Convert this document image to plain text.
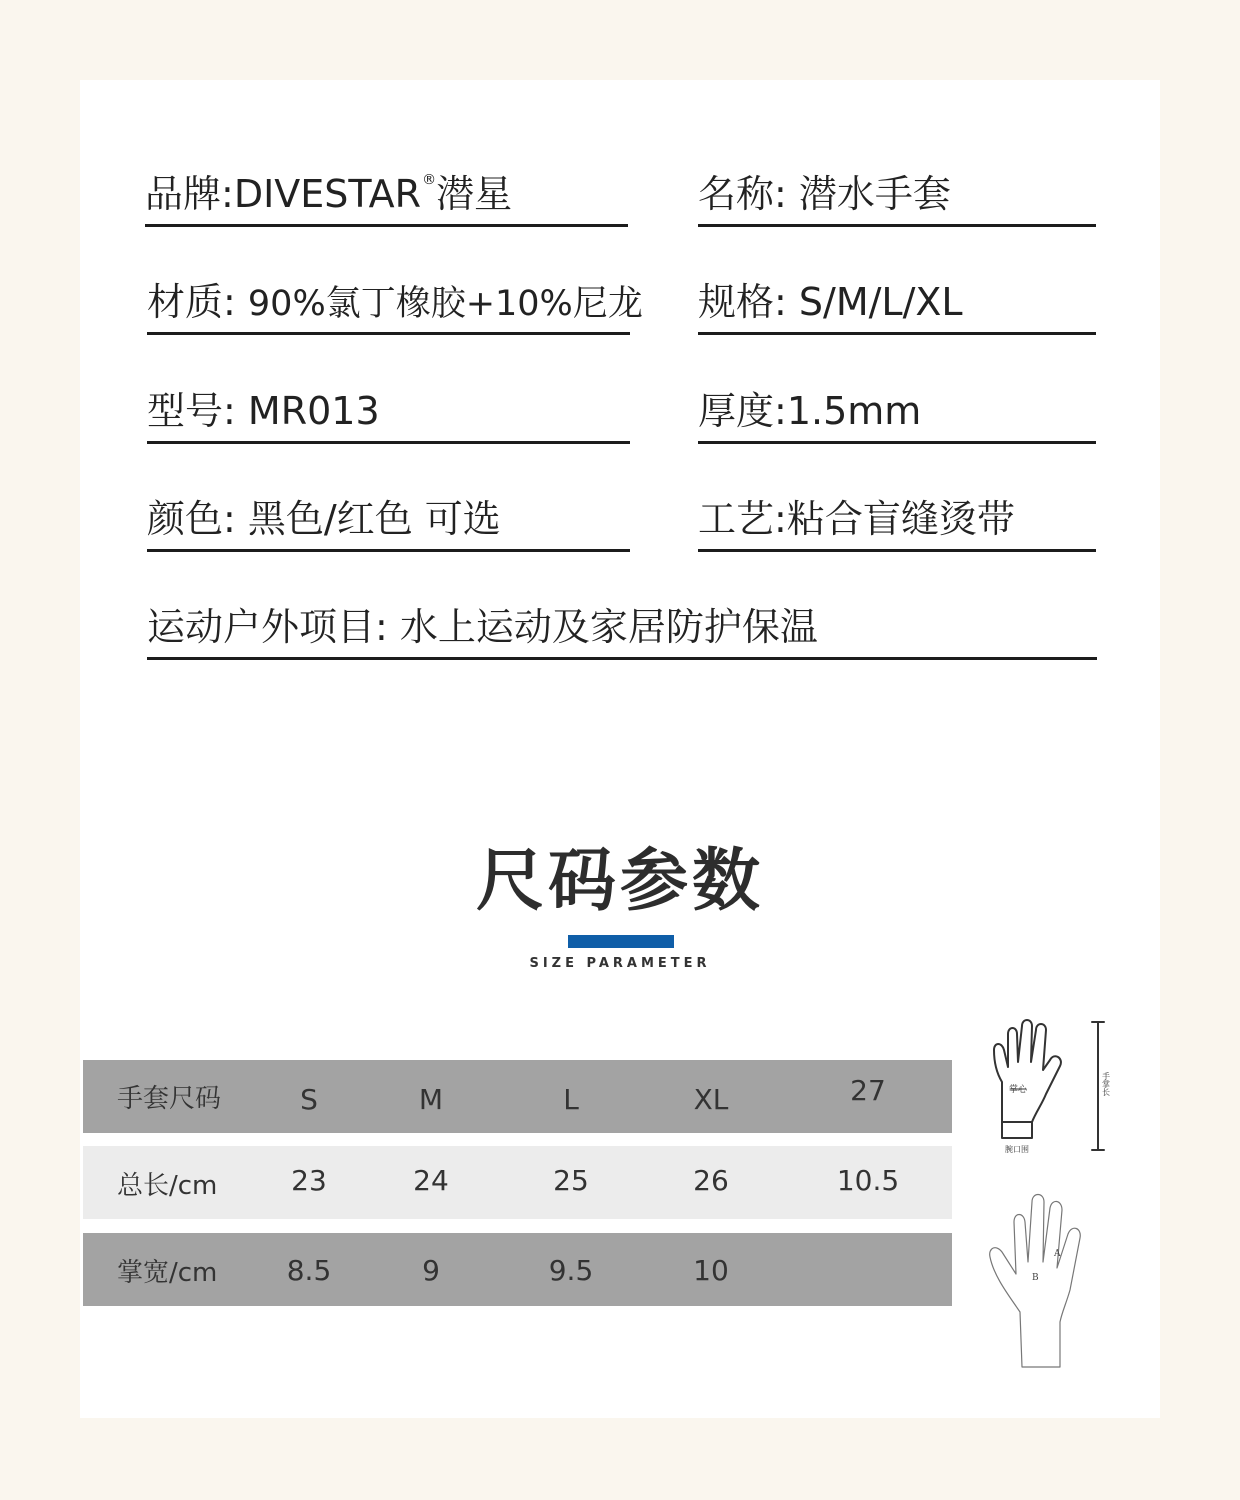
品牌:DIVESTAR®潜星	名称: 潜水手套
材质: 90%氯丁橡胶+10%尼龙 规格: S/M/L/XL
型号: MR013	厚度:1.5mm
颜色: 黑色/红色 可选	工艺:粘合盲缝烫带
运动户外项目: 水上运动及家居防护保温
尺码参数
SIZE PARAMETER
手套尺码	S	M	L	XL	27
总长/cm	23	24	25	26	10.5
掌宽/cm	8.5	9	9.5	10
掌心
腕口围
手掌长
A
B
